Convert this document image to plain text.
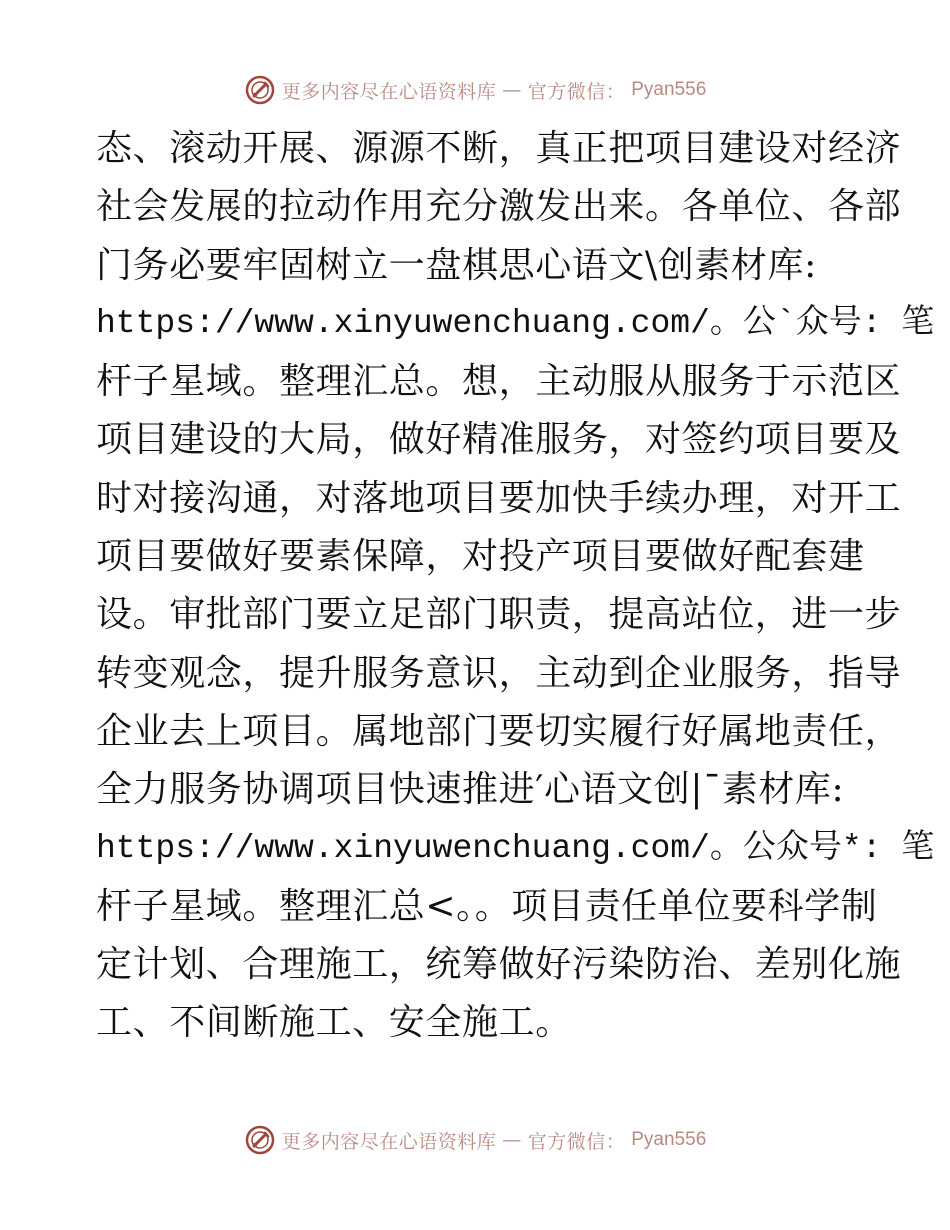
更多内容尽在心语资料库 — 官方微信： Pyan556
态、滚动开展、源源不断，真正把项目建设对经济
社会发展的拉动作用充分激发出来。各单位、各部
门务必要牢固树立一盘棋思心语文\创素材库:
https://www.xinyuwenchuang.com/。公`众号: 笔
杆子星域。整理汇总。想，主动服从服务于示范区
项目建设的大局，做好精准服务，对签约项目要及
时对接沟通，对落地项目要加快手续办理，对开工
项目要做好要素保障，对投产项目要做好配套建
设。审批部门要立足部门职责，提高站位，进一步
转变观念，提升服务意识，主动到企业服务，指导
企业去上项目。属地部门要切实履行好属地责任，
全力服务协调项目快速推进′心语文创|¯素材库:
https://www.xinyuwenchuang.com/。公众号*: 笔
杆子星域。整理汇总<。。项目责任单位要科学制
定计划、合理施工，统筹做好污染防治、差别化施
工、不间断施工、安全施工。
更多内容尽在心语资料库 — 官方微信： Pyan556
